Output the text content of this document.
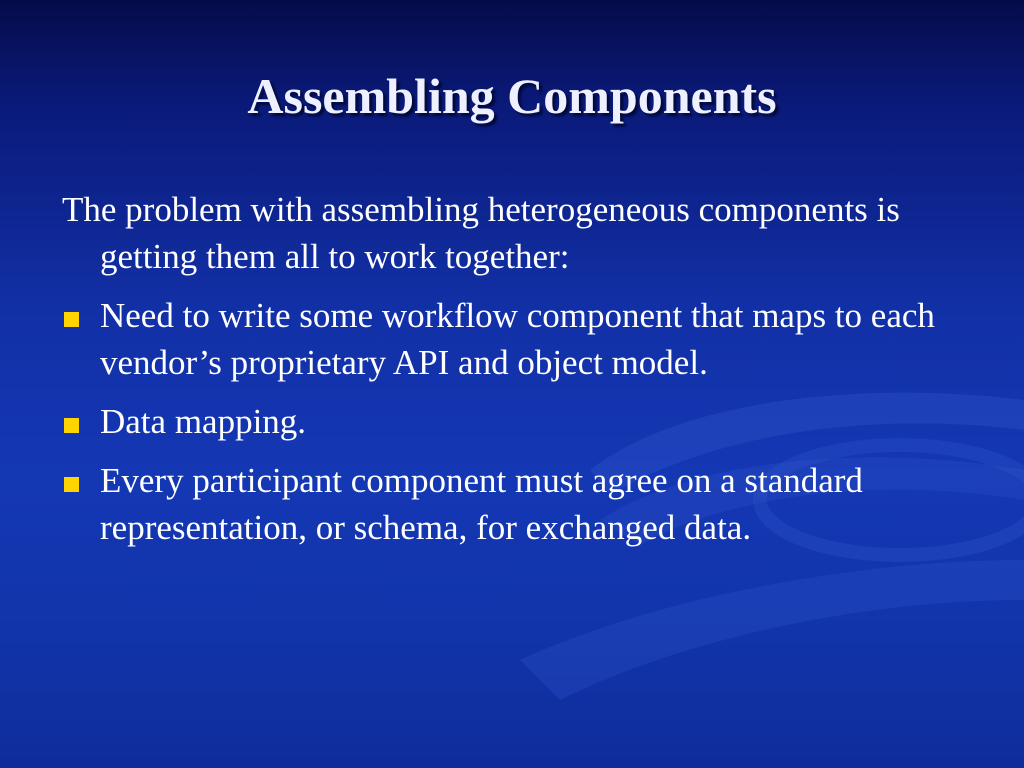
Assembling Components

The problem with assembling heterogeneous components is getting them all to work together:

Need to write some workflow component that maps to each vendor’s proprietary API and object model.
Data mapping.
Every participant component must agree on a standard representation, or schema, for exchanged data.
